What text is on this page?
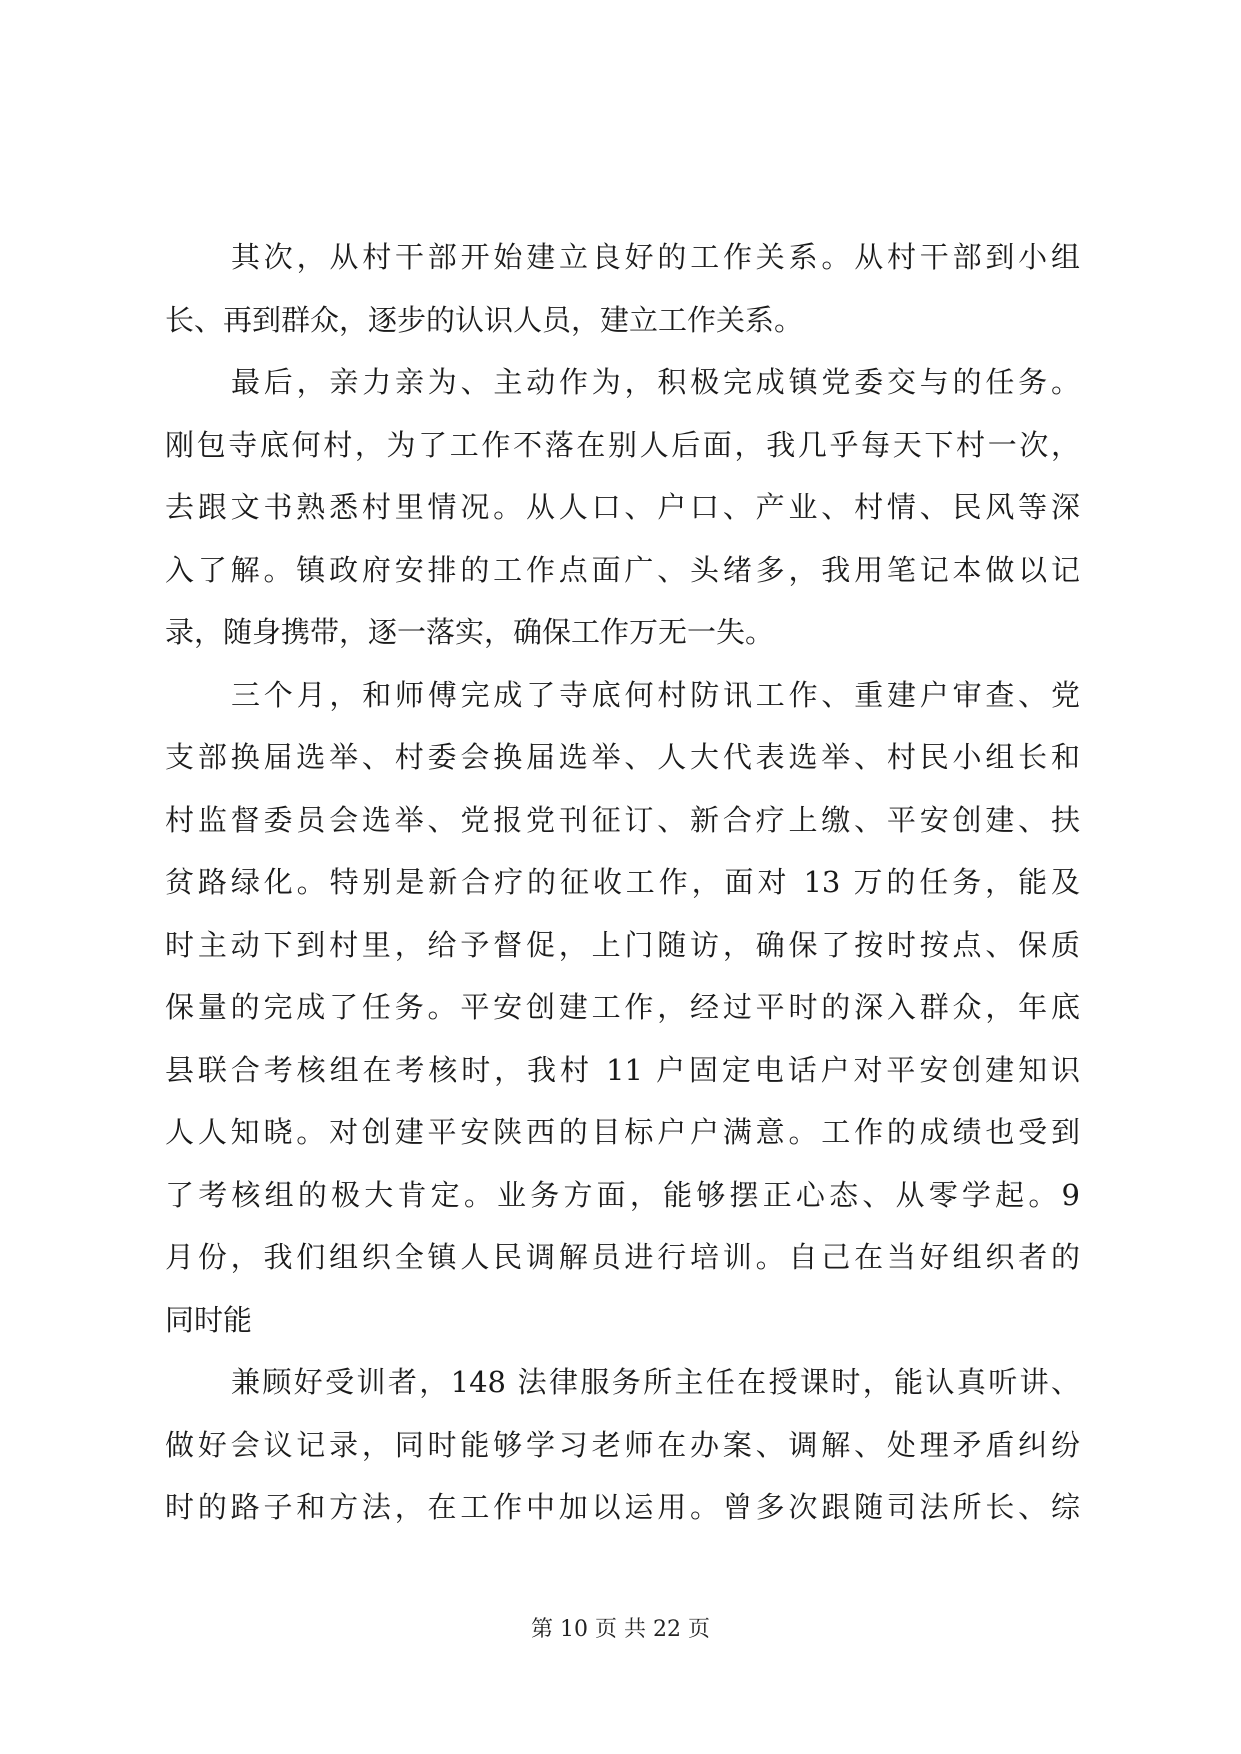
其次，从村干部开始建立良好的工作关系。从村干部到小组
长、再到群众，逐步的认识人员，建立工作关系。
最后，亲力亲为、主动作为，积极完成镇党委交与的任务。
刚包寺底何村，为了工作不落在别人后面，我几乎每天下村一次，
去跟文书熟悉村里情况。从人口、户口、产业、村情、民风等深
入了解。镇政府安排的工作点面广、头绪多，我用笔记本做以记
录，随身携带，逐一落实，确保工作万无一失。
三个月，和师傅完成了寺底何村防讯工作、重建户审查、党
支部换届选举、村委会换届选举、人大代表选举、村民小组长和
村监督委员会选举、党报党刊征订、新合疗上缴、平安创建、扶
贫路绿化。特别是新合疗的征收工作，面对 13 万的任务，能及
时主动下到村里，给予督促，上门随访，确保了按时按点、保质
保量的完成了任务。平安创建工作，经过平时的深入群众，年底
县联合考核组在考核时，我村 11 户固定电话户对平安创建知识
人人知晓。对创建平安陕西的目标户户满意。工作的成绩也受到
了考核组的极大肯定。业务方面，能够摆正心态、从零学起。9
月份，我们组织全镇人民调解员进行培训。自己在当好组织者的
同时能
兼顾好受训者，148 法律服务所主任在授课时，能认真听讲、
做好会议记录，同时能够学习老师在办案、调解、处理矛盾纠纷
时的路子和方法，在工作中加以运用。曾多次跟随司法所长、综
第 10 页 共 22 页
